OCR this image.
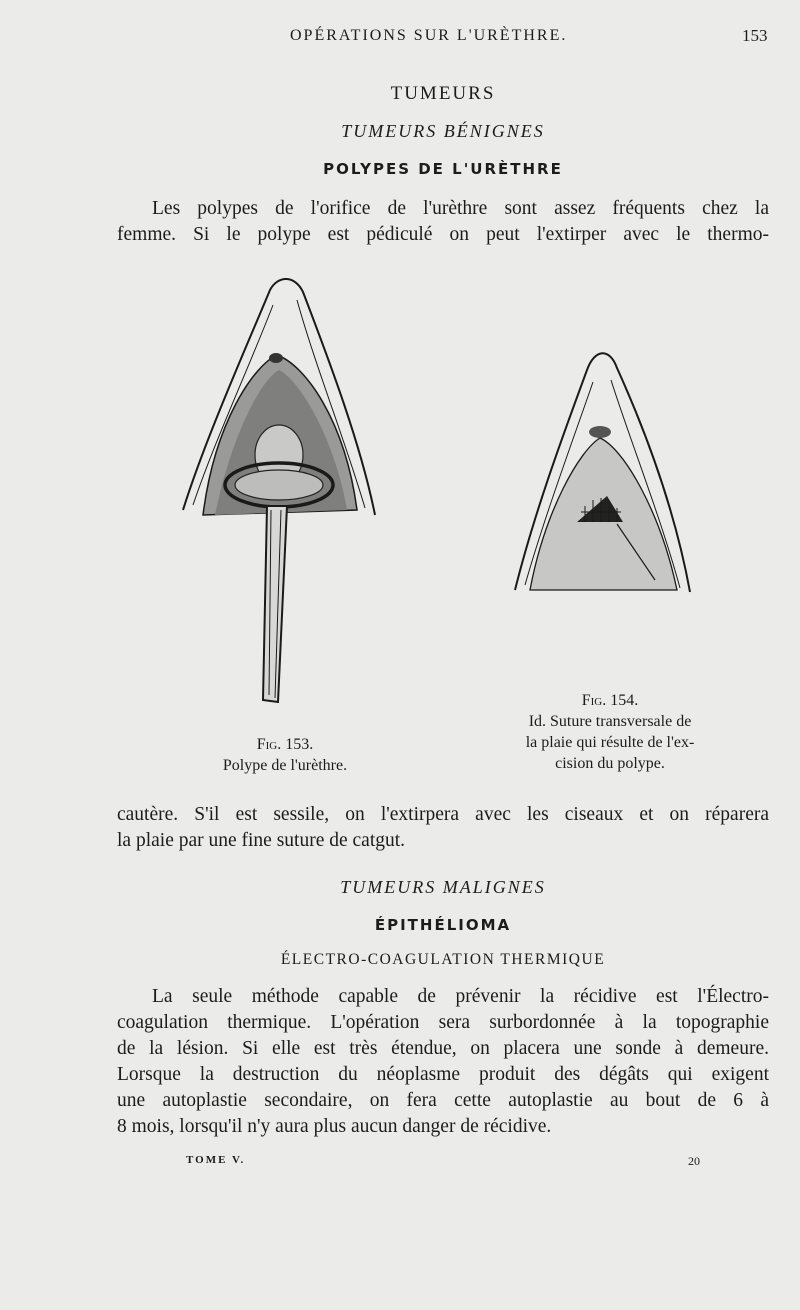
OPÉRATIONS SUR L'URÈTHRE.	153
TUMEURS
TUMEURS BÉNIGNES
POLYPES DE L'URÈTHRE
Les polypes de l'orifice de l'urèthre sont assez fréquents chez la
femme. Si le polype est pédiculé on peut l'extirper avec le thermo-
Fig. 153.
Polype de l'urèthre.
Fig. 154.
Id. Suture transversale de
la plaie qui résulte de l'ex-
cision du polype.
cautère. S'il est sessile, on l'extirpera avec les ciseaux et on réparera
la plaie par une fine suture de catgut.
TUMEURS MALIGNES
ÉPITHÉLIOMA
ÉLECTRO-COAGULATION THERMIQUE
La seule méthode capable de prévenir la récidive est l'Électro-
coagulation thermique. L'opération sera surbordonnée à la topographie
de la lésion. Si elle est très étendue, on placera une sonde à demeure.
Lorsque la destruction du néoplasme produit des dégâts qui exigent
une autoplastie secondaire, on fera cette autoplastie au bout de 6 à
8 mois, lorsqu'il n'y aura plus aucun danger de récidive.
TOME V.	20
